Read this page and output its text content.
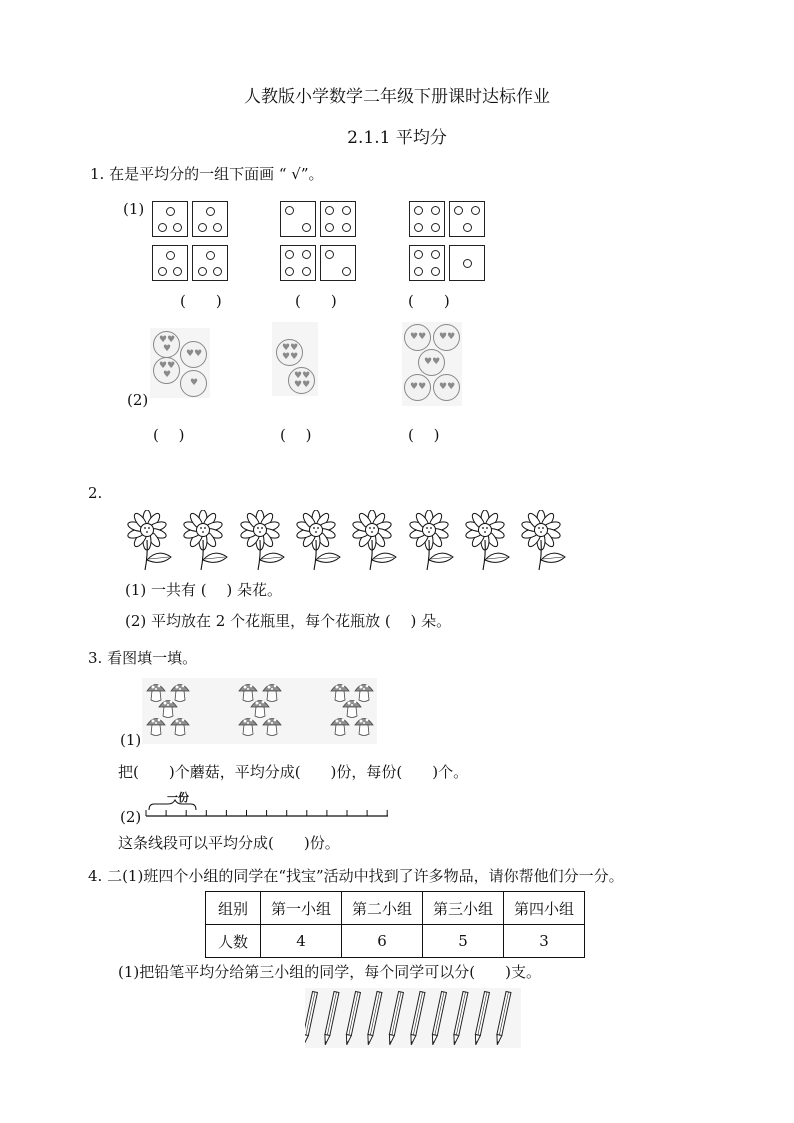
人教版小学数学二年级下册课时达标作业
2.1.1 平均分
1. 在是平均分的一组下面画 “ √”。
(1)
(　　)	(　　)	(　　)
♥♥
♥ ♥♥
♥♥
♥
♥
♥♥
♥♥
♥♥
♥♥
♥♥ ♥♥
♥♥
♥♥ ♥♥
(2)
(　 )	(　 )	(　 )
2.
(1) 一共有 (　 ) 朵花。
(2) 平均放在 2 个花瓶里，每个花瓶放 (　 ) 朵。
3. 看图填一填。
(1)
把(　　)个蘑菇，平均分成(　　)份，每份(　　)个。
(2)
一份
这条线段可以平均分成(　　)份。
4. 二(1)班四个小组的同学在“找宝”活动中找到了许多物品，请你帮他们分一分。
组别	第一小组	第二小组	第三小组	第四小组
人数	4	6	5	3
(1)把铅笔平均分给第三小组的同学，每个同学可以分(　　)支。
